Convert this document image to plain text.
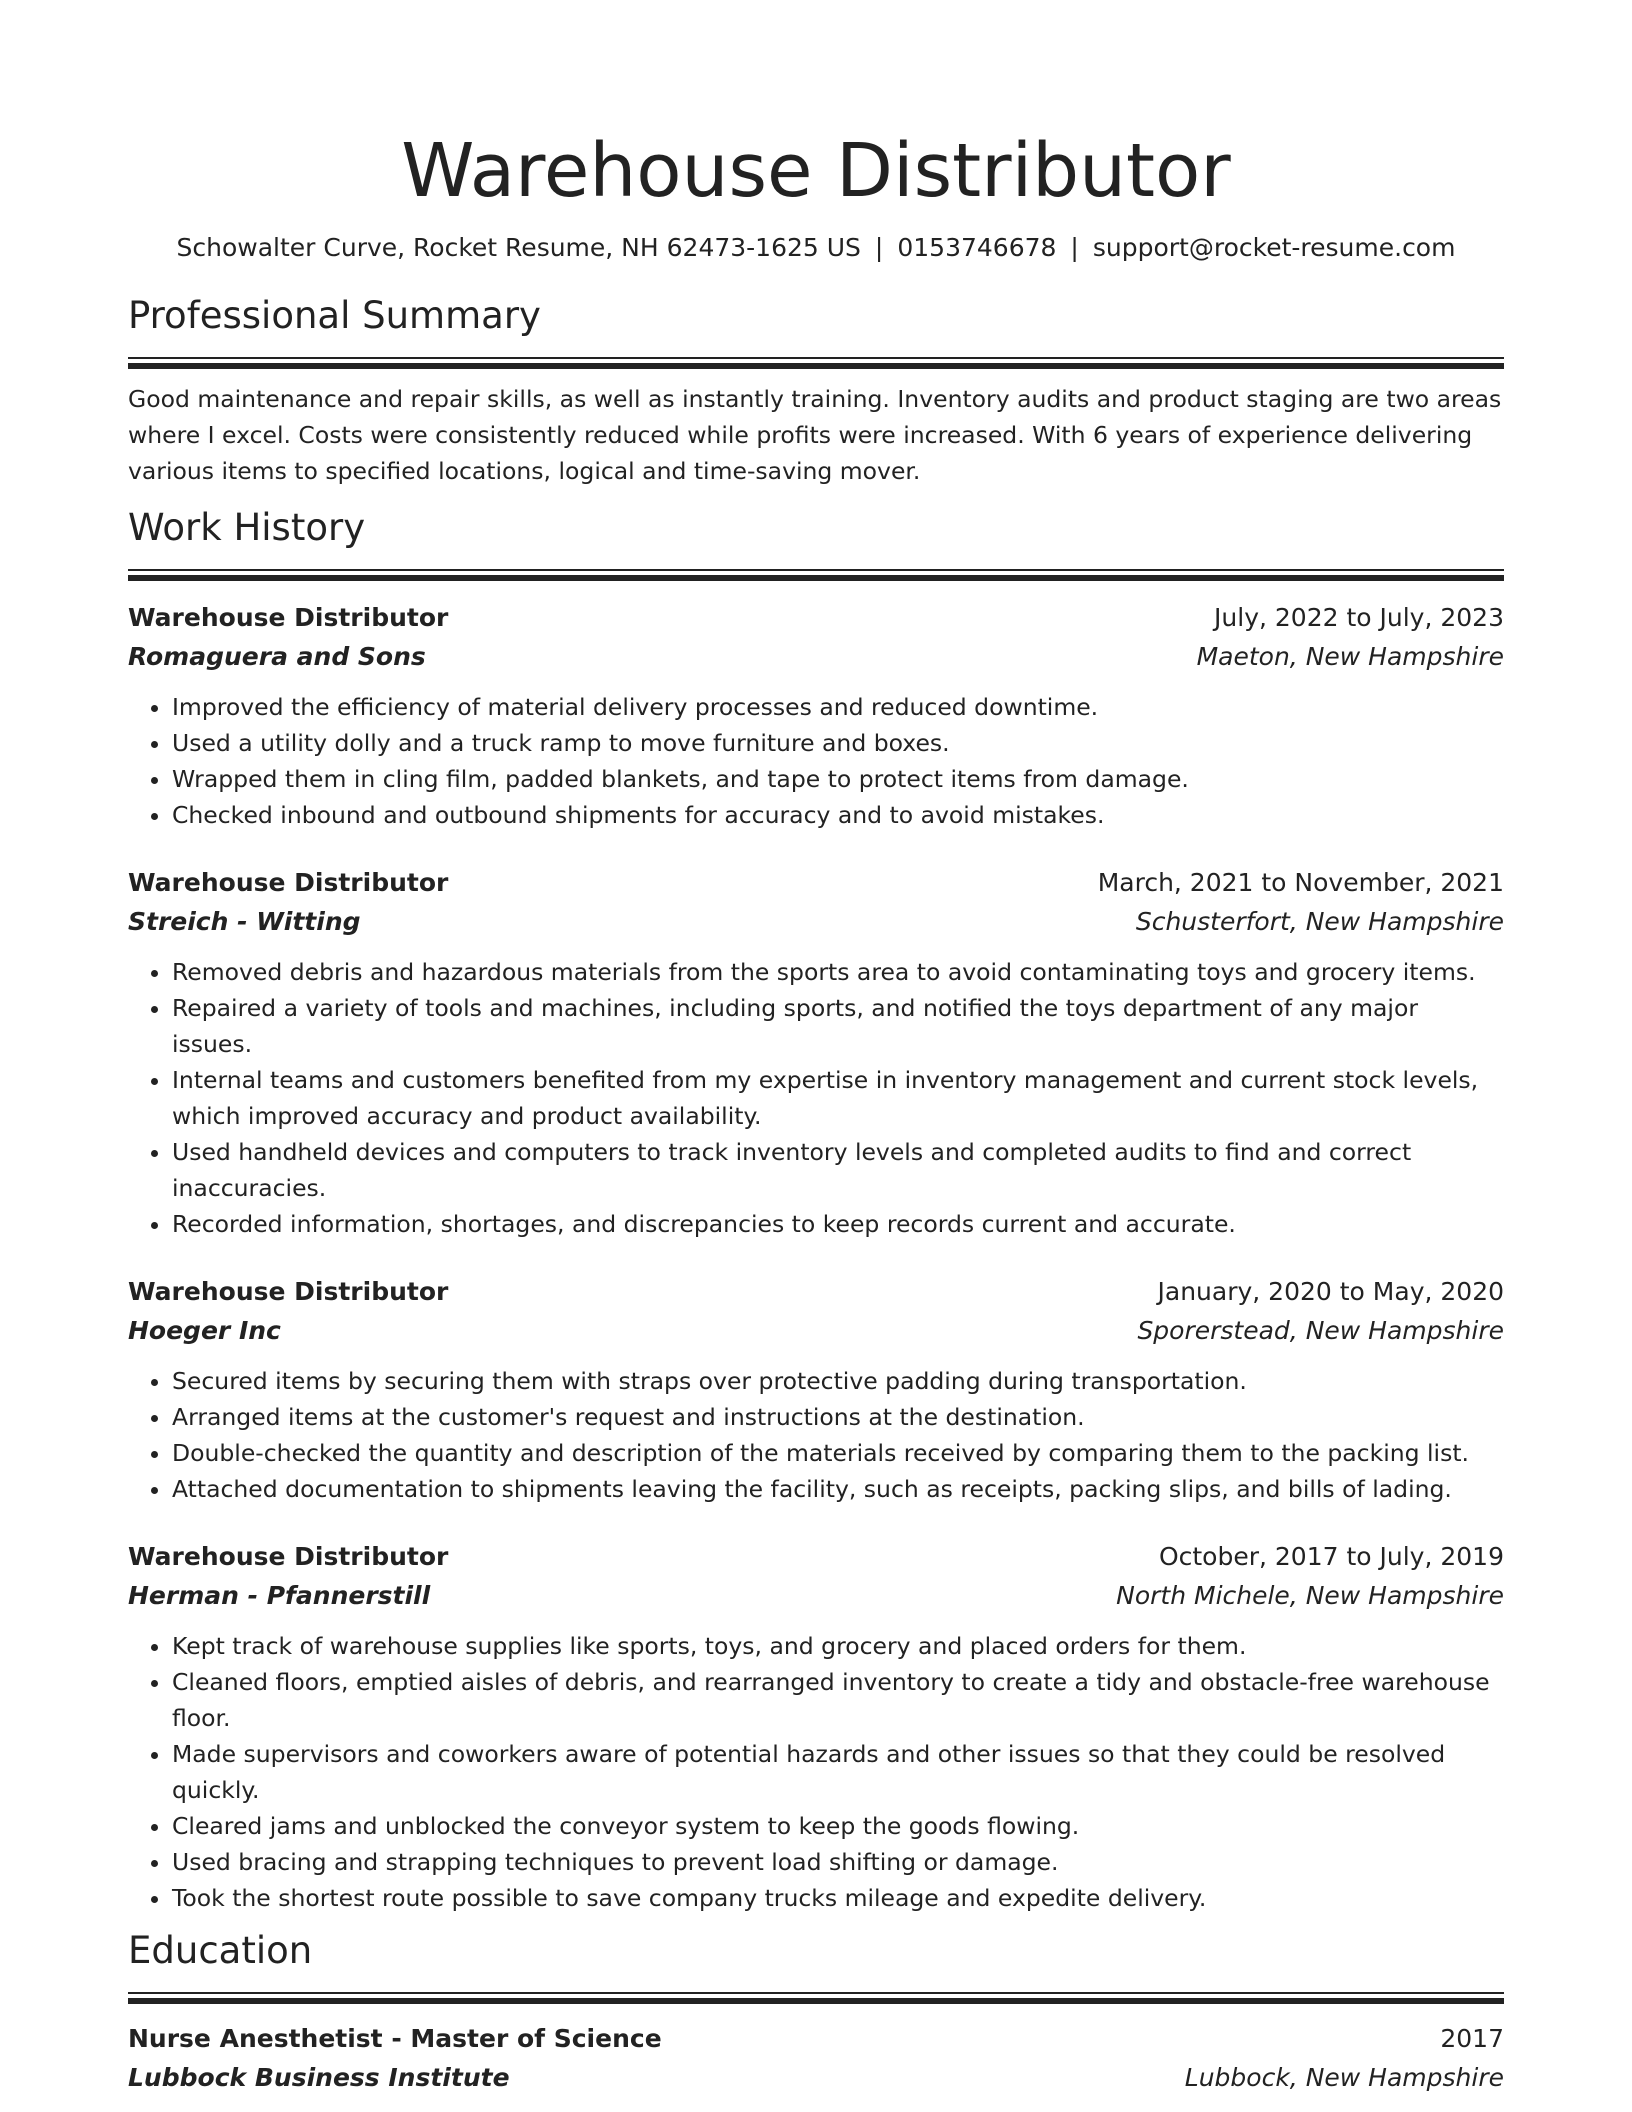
Warehouse Distributor
Schowalter Curve, Rocket Resume, NH 62473-1625 US | 0153746678 | support@rocket-resume.com
Professional Summary
Good maintenance and repair skills, as well as instantly training. Inventory audits and product staging are two areas where I excel. Costs were consistently reduced while profits were increased. With 6 years of experience delivering various items to specified locations, logical and time-saving mover.
Work History
Warehouse Distributor	July, 2022 to July, 2023
Romaguera and Sons	Maeton, New Hampshire
• Improved the efficiency of material delivery processes and reduced downtime.
• Used a utility dolly and a truck ramp to move furniture and boxes.
• Wrapped them in cling film, padded blankets, and tape to protect items from damage.
• Checked inbound and outbound shipments for accuracy and to avoid mistakes.
Warehouse Distributor	March, 2021 to November, 2021
Streich - Witting	Schusterfort, New Hampshire
• Removed debris and hazardous materials from the sports area to avoid contaminating toys and grocery items.
• Repaired a variety of tools and machines, including sports, and notified the toys department of any major issues.
• Internal teams and customers benefited from my expertise in inventory management and current stock levels, which improved accuracy and product availability.
• Used handheld devices and computers to track inventory levels and completed audits to find and correct inaccuracies.
• Recorded information, shortages, and discrepancies to keep records current and accurate.
Warehouse Distributor	January, 2020 to May, 2020
Hoeger Inc	Sporerstead, New Hampshire
• Secured items by securing them with straps over protective padding during transportation.
• Arranged items at the customer's request and instructions at the destination.
• Double-checked the quantity and description of the materials received by comparing them to the packing list.
• Attached documentation to shipments leaving the facility, such as receipts, packing slips, and bills of lading.
Warehouse Distributor	October, 2017 to July, 2019
Herman - Pfannerstill	North Michele, New Hampshire
• Kept track of warehouse supplies like sports, toys, and grocery and placed orders for them.
• Cleaned floors, emptied aisles of debris, and rearranged inventory to create a tidy and obstacle-free warehouse floor.
• Made supervisors and coworkers aware of potential hazards and other issues so that they could be resolved quickly.
• Cleared jams and unblocked the conveyor system to keep the goods flowing.
• Used bracing and strapping techniques to prevent load shifting or damage.
• Took the shortest route possible to save company trucks mileage and expedite delivery.
Education
Nurse Anesthetist - Master of Science	2017
Lubbock Business Institute	Lubbock, New Hampshire
